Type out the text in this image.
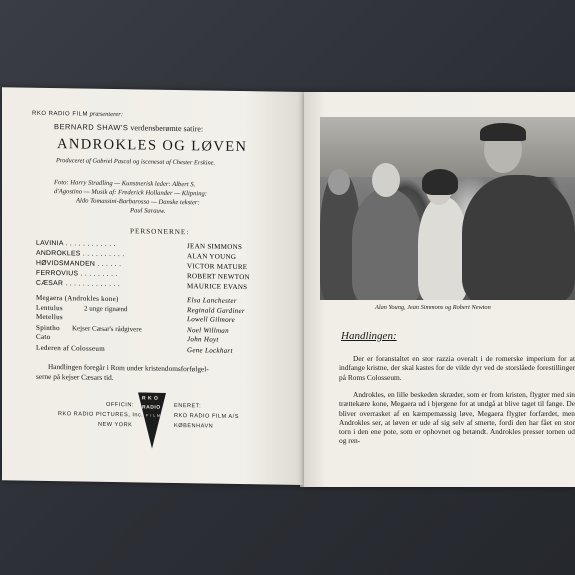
RKO RADIO FILM præsenterer:
BERNARD SHAW'S verdensberømte satire:
ANDROKLES OG LØVEN
Produceret af Gabriel Pascal og iscenesat af Chester Erskine.
Foto: Harry Stradling — Kunstnerisk leder: Albert S.
d'Agostino — Musik af: Frederick Hollander — Klipning:
Aldo Tomassini-Barbarossa — Danske tekster:
Paul Sarauw.
PERSONERNE:
LAVINIA . . . . . . . . . . . .	JEAN SIMMONS
ANDROKLES . . . . . . . . . .	ALAN YOUNG
HØVIDSMANDEN . . . . . .	VICTOR MATURE
FERROVIUS . . . . . . . . .	ROBERT NEWTON
CÆSAR . . . . . . . . . . . . .	MAURICE EVANS
Megaera (Androkles kone)	Elsa Lanchester
Lentulus	2 unge rignænd	Reginald Gardiner
Metellus	Lowell Gilmore
Spintho Kejser Cæsar's rådgivere	Noel Willman
Cato	John Hoyt
Lederen af Colosseum	Gene Lockhart
Handlingen foregår i Rom under kristendomsforfølgel-
serne på kejser Cæsars tid.
OFFICIN:
RKO RADIO PICTURES, Inc.
NEW YORK
R K O
RADIO
F I L M
ENERET:
RKO RADIO FILM A/S
KØBENHAVN
Alan Young, Jean Simmons og Robert Newton
Handlingen:
Der er foranstaltet en stor razzia overalt i de romerske imperium for at indfange kristne, der skal kastes for de vilde dyr ved de storslåede forestillinger på Roms Colosseum.
Androkles, en lille beskeden skræder, som er from kristen, flygter med sin trættekære kone, Megaera ud i bjergene for at undgå at blive taget til fange. De bliver overrasket af en kæmpemæssig løve, Megaera flygter forfærdet, men Androkles ser, at løven er ude af sig selv af smerte, fordi den har fået en stor torn i den ene pote, som er ophovnet og betændt. Androkles presser tornen ud og ren-
